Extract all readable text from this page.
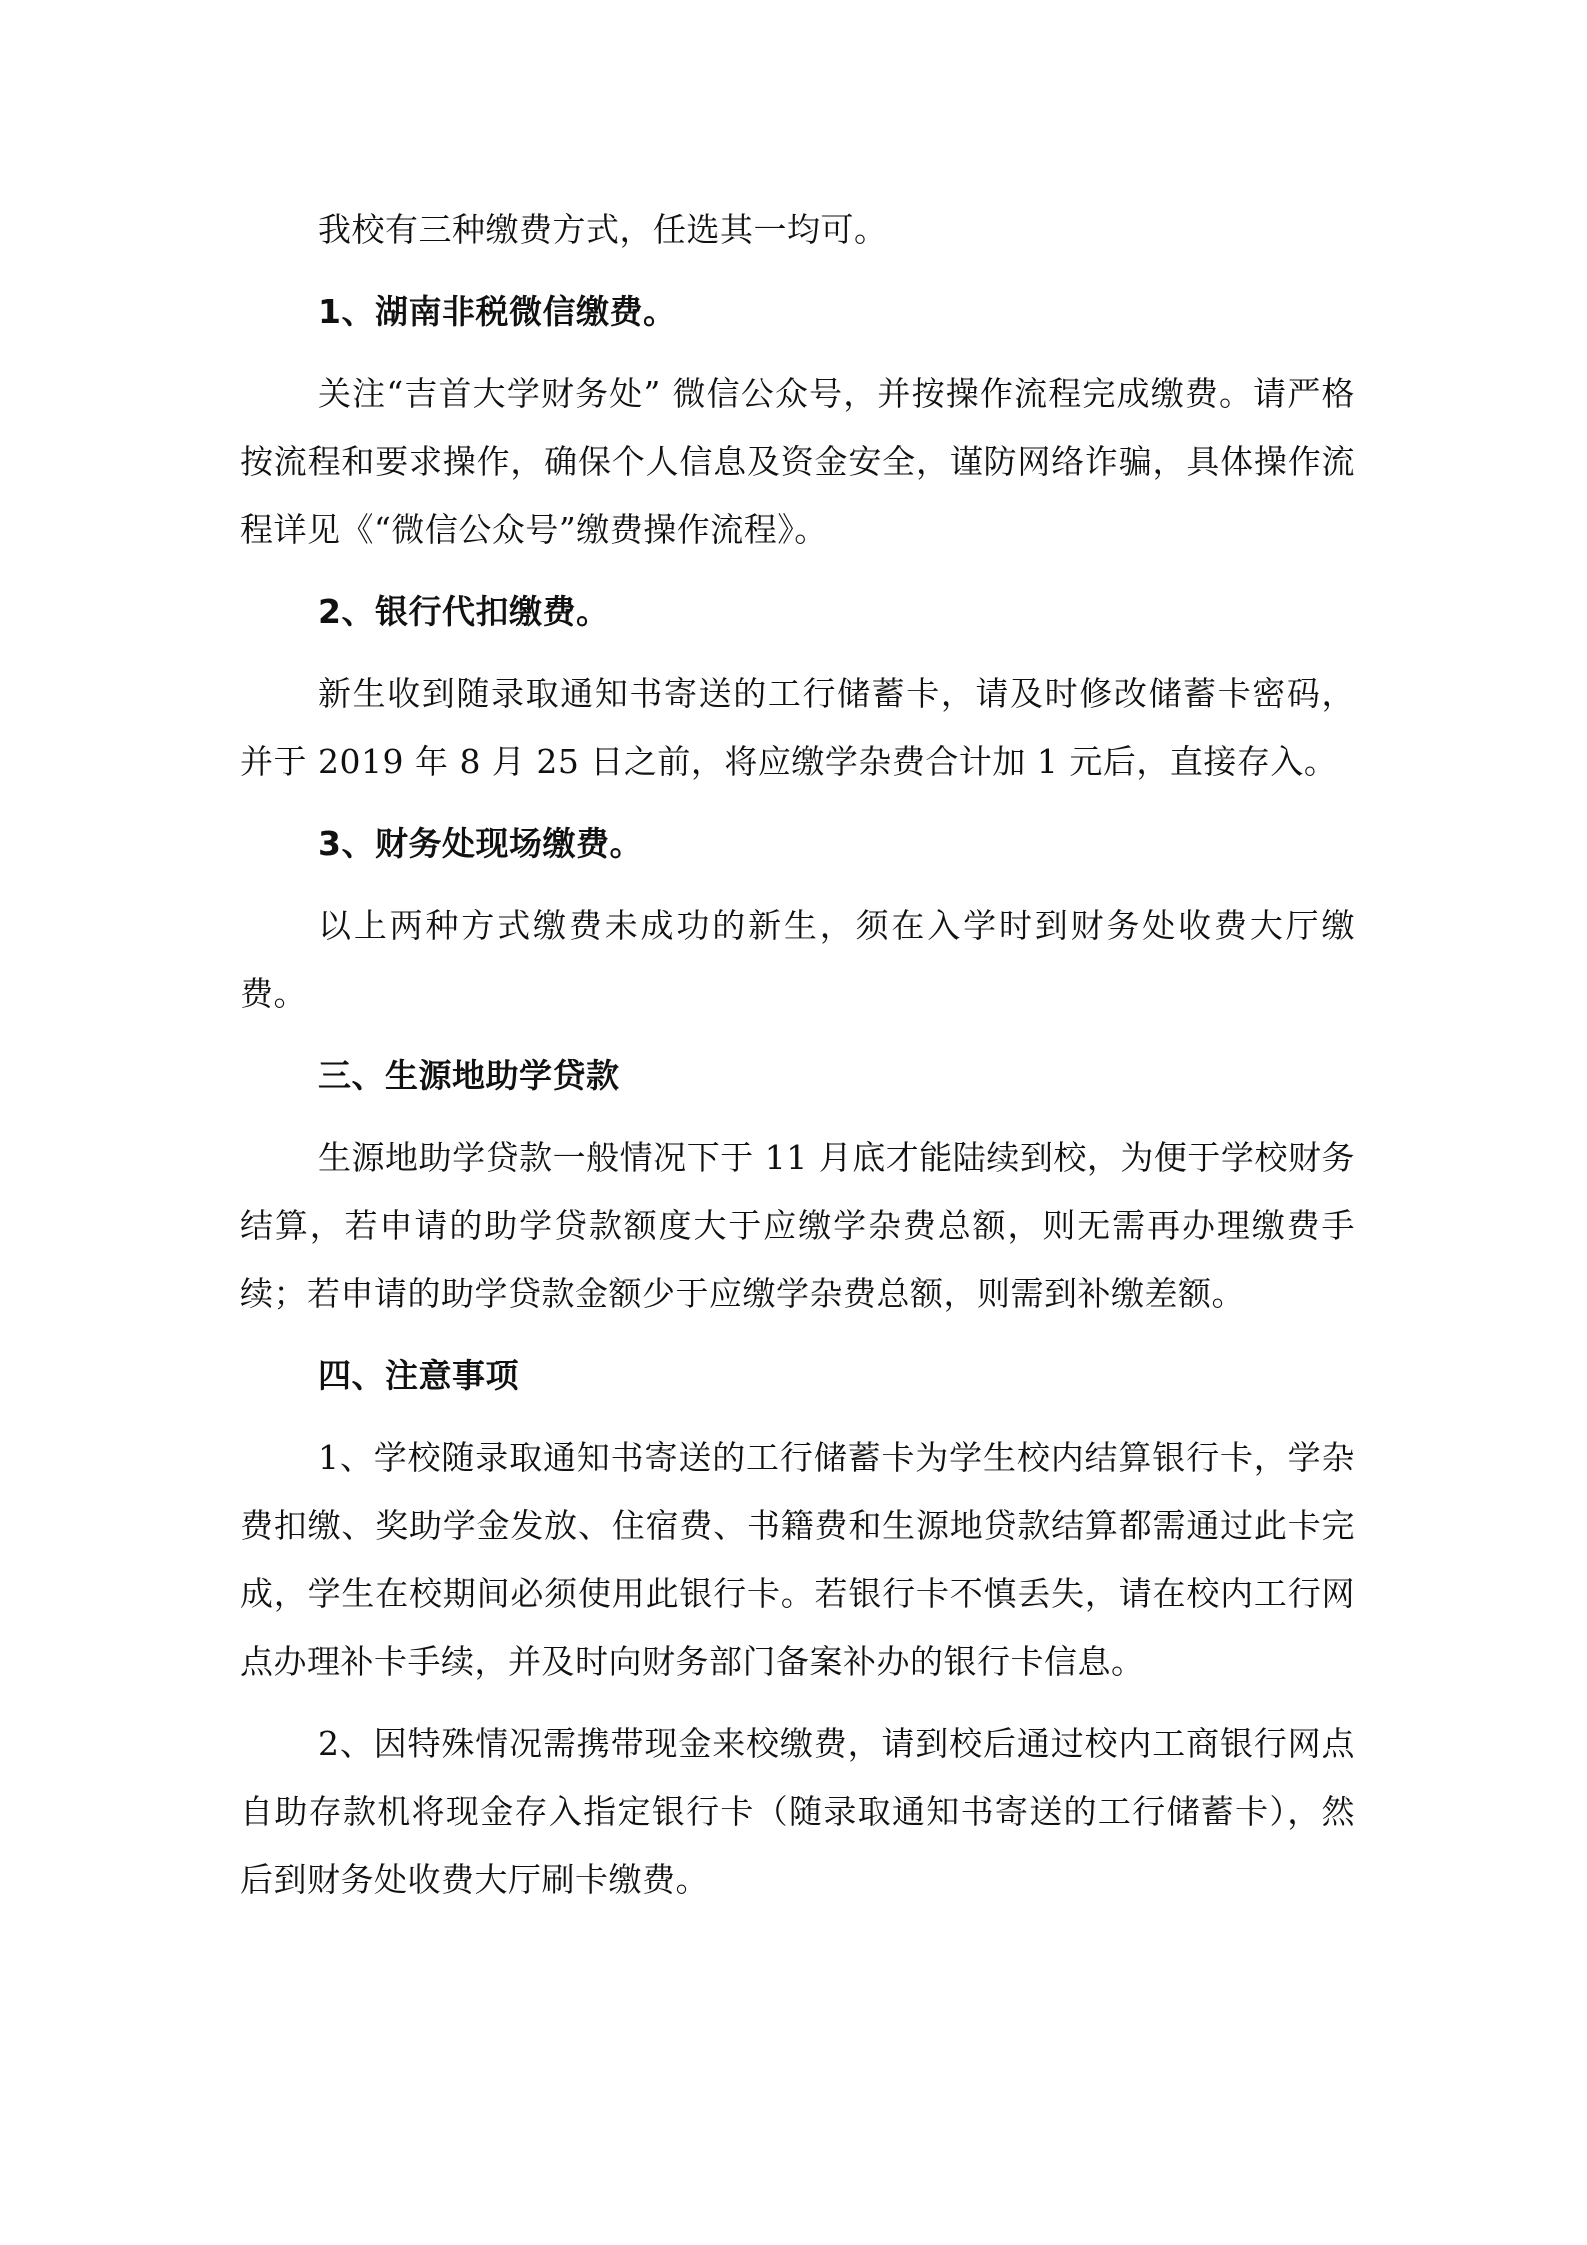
我校有三种缴费方式，任选其一均可。

1、湖南非税微信缴费。

关注“吉首大学财务处” 微信公众号，并按操作流程完成缴费。请严格按流程和要求操作，确保个人信息及资金安全，谨防网络诈骗，具体操作流程详见《“微信公众号”缴费操作流程》。

2、银行代扣缴费。

新生收到随录取通知书寄送的工行储蓄卡，请及时修改储蓄卡密码，并于 2019 年 8 月 25 日之前，将应缴学杂费合计加 1 元后，直接存入。

3、财务处现场缴费。

以上两种方式缴费未成功的新生，须在入学时到财务处收费大厅缴费。

三、生源地助学贷款

生源地助学贷款一般情况下于 11 月底才能陆续到校，为便于学校财务结算，若申请的助学贷款额度大于应缴学杂费总额，则无需再办理缴费手续；若申请的助学贷款金额少于应缴学杂费总额，则需到补缴差额。

四、注意事项

1、学校随录取通知书寄送的工行储蓄卡为学生校内结算银行卡，学杂费扣缴、奖助学金发放、住宿费、书籍费和生源地贷款结算都需通过此卡完成，学生在校期间必须使用此银行卡。若银行卡不慎丢失，请在校内工行网点办理补卡手续，并及时向财务部门备案补办的银行卡信息。

2、因特殊情况需携带现金来校缴费，请到校后通过校内工商银行网点自助存款机将现金存入指定银行卡（随录取通知书寄送的工行储蓄卡），然后到财务处收费大厅刷卡缴费。
